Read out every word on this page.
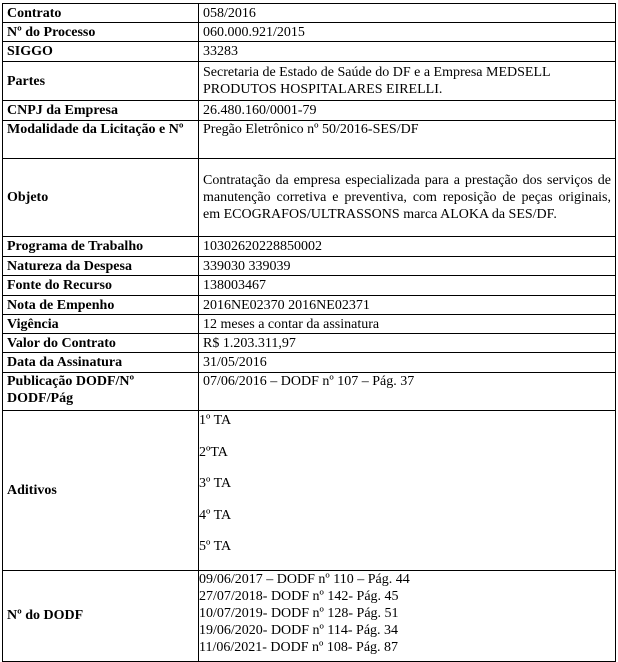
Contrato	058/2016
Nº do Processo	060.000.921/2015
SIGGO	33283
Partes	Secretaria de Estado de Saúde do DF e a Empresa MEDSELL PRODUTOS HOSPITALARES EIRELLI.
CNPJ da Empresa	26.480.160/0001-79
Modalidade da Licitação e Nº	Pregão Eletrônico nº 50/2016-SES/DF
Objeto	Contratação da empresa especializada para a prestação dos serviços de manutenção corretiva e preventiva, com reposição de peças originais, em ECOGRAFOS/ULTRASSONS marca ALOKA da SES/DF.
Programa de Trabalho	10302620228850002
Natureza da Despesa	339030 339039
Fonte do Recurso	138003467
Nota de Empenho	2016NE02370 2016NE02371
Vigência	12 meses a contar da assinatura
Valor do Contrato	R$ 1.203.311,97
Data da Assinatura	31/05/2016
Publicação DODF/Nº DODF/Pág	07/06/2016 – DODF nº 107 – Pág. 37
Aditivos	1º TA
2ºTA
3º TA
4º TA
5º TA

Nº do DODF	09/06/2017 – DODF nº 110 – Pág. 44
27/07/2018- DODF nº 142- Pág. 45
10/07/2019- DODF nº 128- Pág. 51
19/06/2020- DODF nº 114- Pág. 34
11/06/2021- DODF nº 108- Pág. 87
